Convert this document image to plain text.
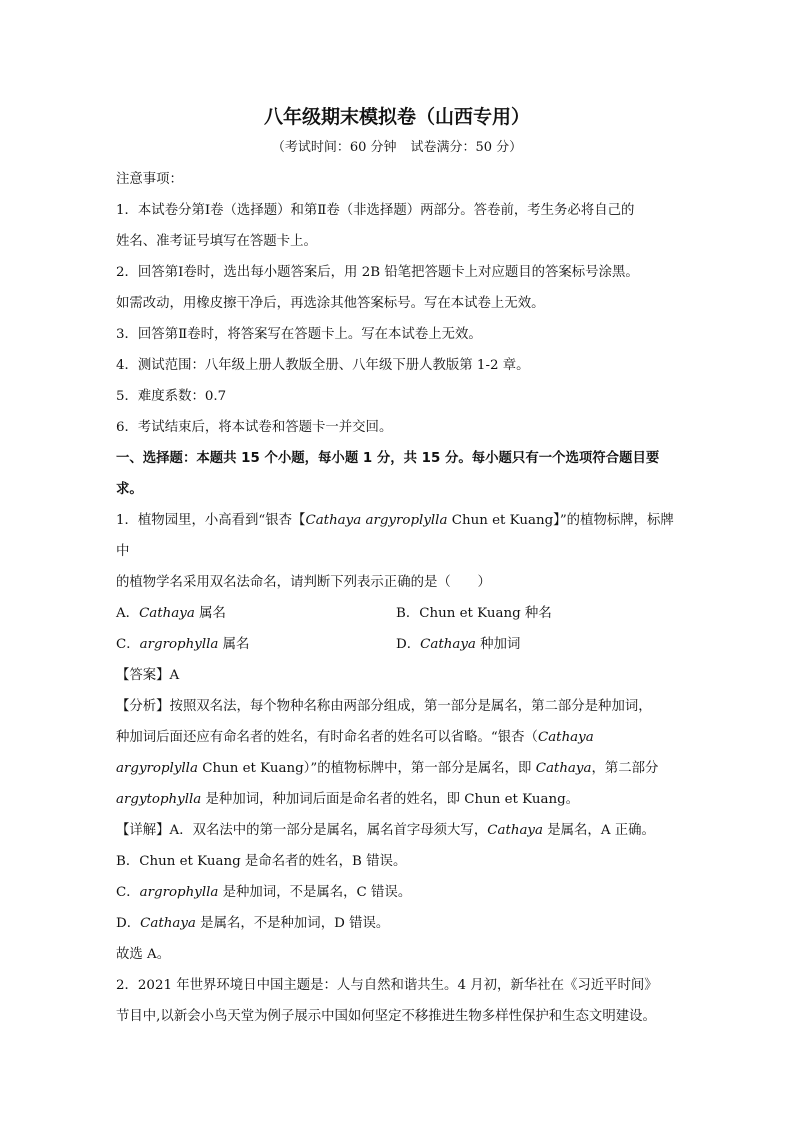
八年级期末模拟卷（山西专用）
（考试时间：60 分钟 试卷满分：50 分）

注意事项：

1．本试卷分第Ⅰ卷（选择题）和第Ⅱ卷（非选择题）两部分。答卷前，考生务必将自己的

姓名、准考证号填写在答题卡上。

2．回答第Ⅰ卷时，选出每小题答案后，用 2B 铅笔把答题卡上对应题目的答案标号涂黑。

如需改动，用橡皮擦干净后，再选涂其他答案标号。写在本试卷上无效。

3．回答第Ⅱ卷时，将答案写在答题卡上。写在本试卷上无效。

4．测试范围：八年级上册人教版全册、八年级下册人教版第 1-2 章。

5．难度系数：0.7

6．考试结束后，将本试卷和答题卡一并交回。

一、选择题：本题共 15 个小题，每小题 1 分，共 15 分。每小题只有一个选项符合题目要

求。

1．植物园里，小高看到“银杏【Cathaya argyroplylla Chun et Kuang】”的植物标牌，标牌中

的植物学名采用双名法命名，请判断下列表示正确的是（　　）

A．Cathaya 属名	B．Chun et Kuang 种名
C．argrophylla 属名	D．Cathaya 种加词

【答案】A

【分析】按照双名法，每个物种名称由两部分组成，第一部分是属名，第二部分是种加词，

种加词后面还应有命名者的姓名，有时命名者的姓名可以省略。“银杏（Cathaya

argyroplylla Chun et Kuang）”的植物标牌中，第一部分是属名，即 Cathaya，第二部分

argytophylla 是种加词，种加词后面是命名者的姓名，即 Chun et Kuang。

【详解】A．双名法中的第一部分是属名，属名首字母须大写，Cathaya 是属名，A 正确。

B．Chun et Kuang 是命名者的姓名，B 错误。

C．argrophylla 是种加词，不是属名，C 错误。

D．Cathaya 是属名，不是种加词，D 错误。

故选 A。

2．2021 年世界环境日中国主题是：人与自然和谐共生。4 月初，新华社在《习近平时间》

节目中,以新会小鸟天堂为例子展示中国如何坚定不移推进生物多样性保护和生态文明建设。
